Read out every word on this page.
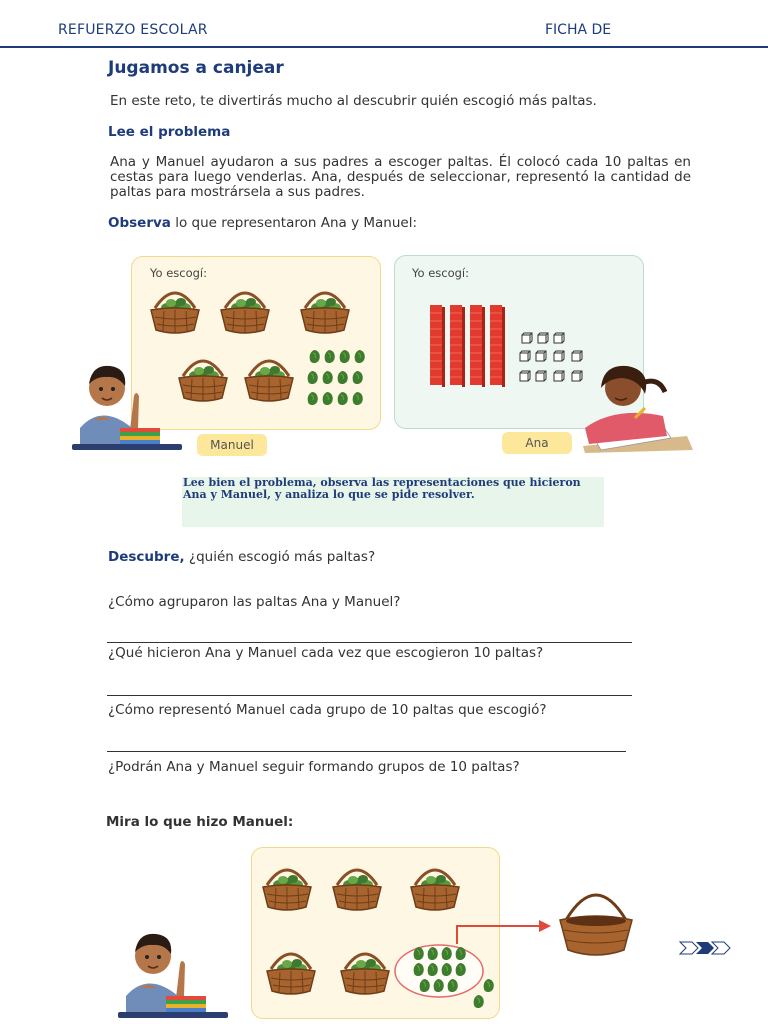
REFUERZO ESCOLAR	FICHA DE
Jugamos a canjear
En este reto, te divertirás mucho al descubrir quién escogió más paltas.
Lee el problema
Ana y Manuel ayudaron a sus padres a escoger paltas. Él colocó cada 10 paltas en cestas para luego venderlas. Ana, después de seleccionar, representó la cantidad de paltas para mostrársela a sus padres.
Observa lo que representaron Ana y Manuel:
Yo escogí:
Manuel
Yo escogí:
Ana
Lee bien el problema, observa las representaciones que hicieron Ana y Manuel, y analiza lo que se pide resolver.
Descubre, ¿quién escogió más paltas?
¿Cómo agruparon las paltas Ana y Manuel?
¿Qué hicieron Ana y Manuel cada vez que escogieron 10 paltas?
¿Cómo representó Manuel cada grupo de 10 paltas que escogió?
¿Podrán Ana y Manuel seguir formando grupos de 10 paltas?
Mira lo que hizo Manuel:
